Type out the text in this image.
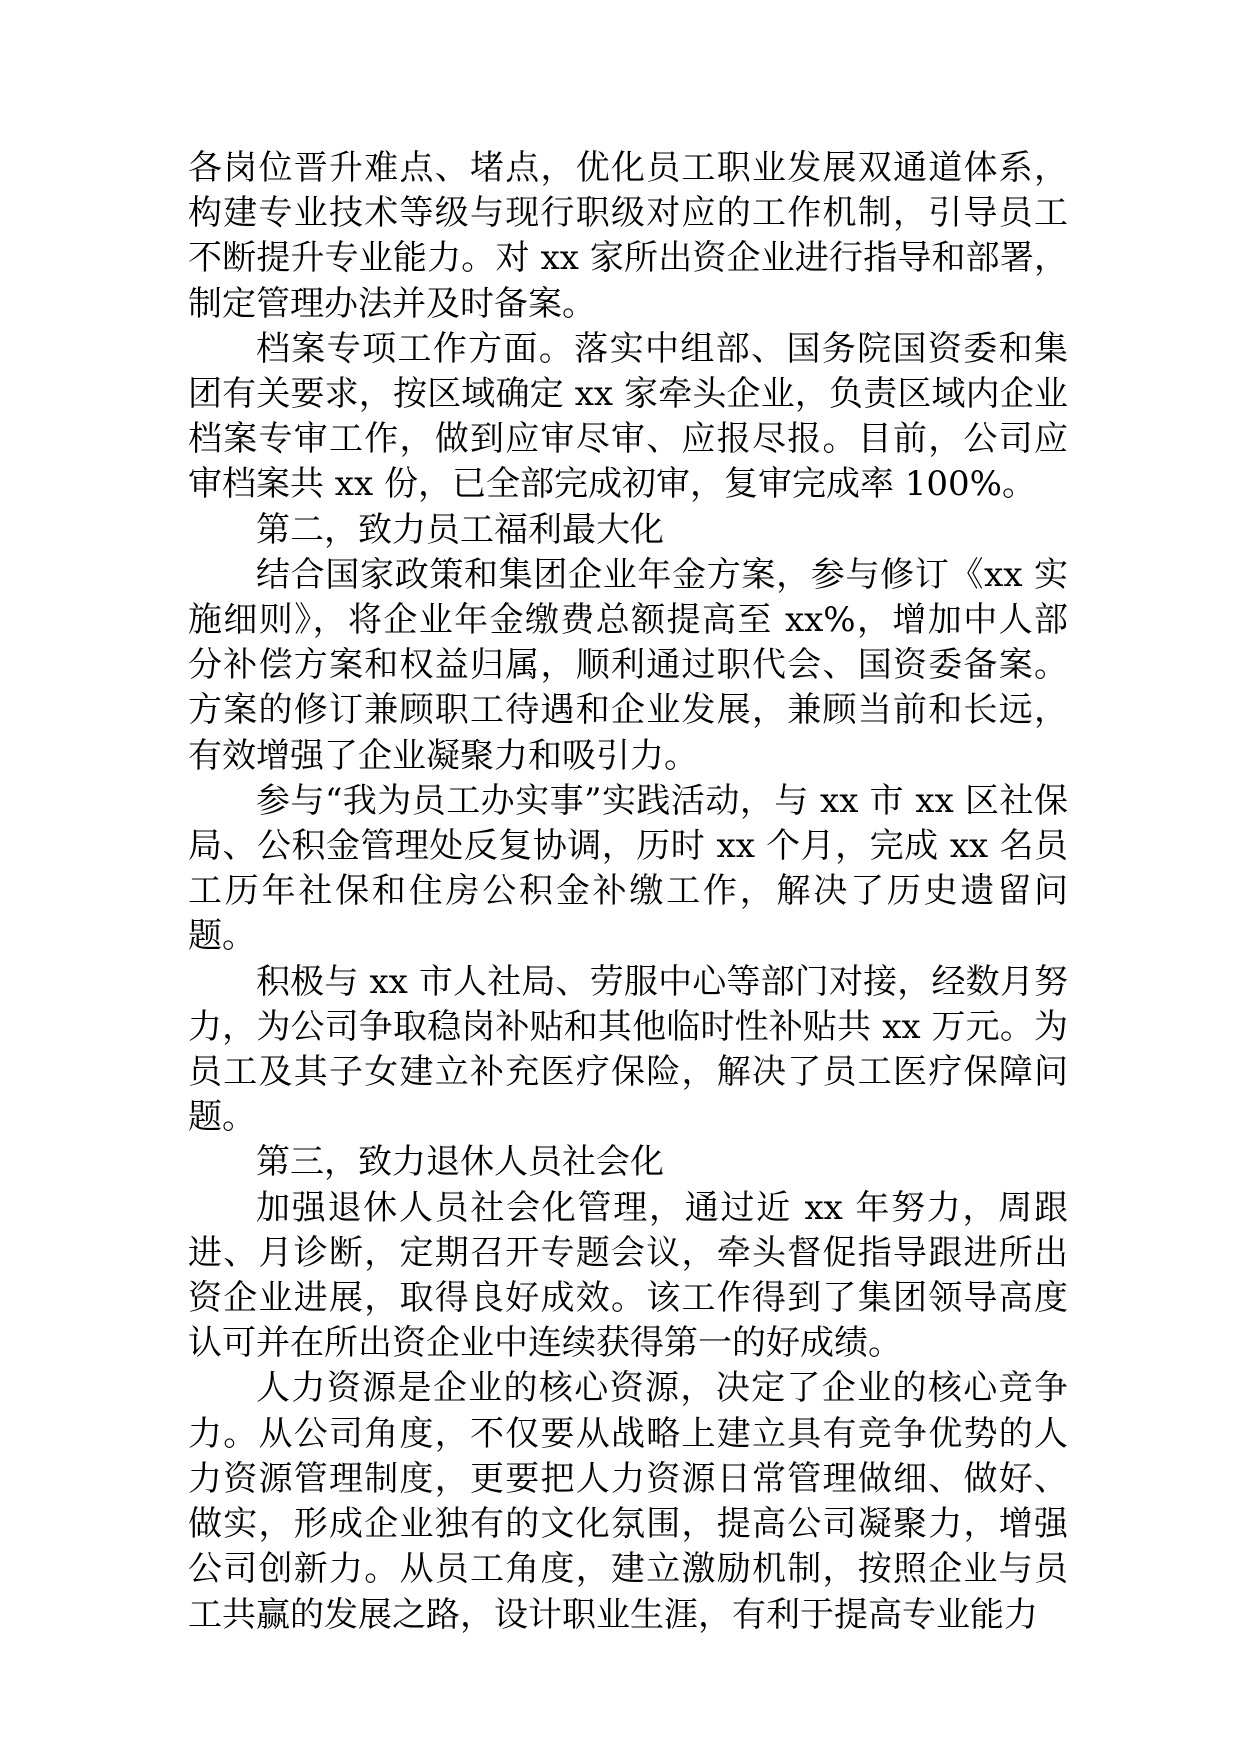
各岗位晋升难点、堵点，优化员工职业发展双通道体系，构建专业技术等级与现行职级对应的工作机制，引导员工不断提升专业能力。对 xx 家所出资企业进行指导和部署，制定管理办法并及时备案。

档案专项工作方面。落实中组部、国务院国资委和集团有关要求，按区域确定 xx 家牵头企业，负责区域内企业档案专审工作，做到应审尽审、应报尽报。目前，公司应审档案共 xx 份，已全部完成初审，复审完成率 100%。

第二，致力员工福利最大化

结合国家政策和集团企业年金方案，参与修订《xx 实施细则》，将企业年金缴费总额提高至 xx%，增加中人部分补偿方案和权益归属，顺利通过职代会、国资委备案。方案的修订兼顾职工待遇和企业发展，兼顾当前和长远，有效增强了企业凝聚力和吸引力。

参与“我为员工办实事”实践活动，与 xx 市 xx 区社保局、公积金管理处反复协调，历时 xx 个月，完成 xx 名员工历年社保和住房公积金补缴工作，解决了历史遗留问题。

积极与 xx 市人社局、劳服中心等部门对接，经数月努力，为公司争取稳岗补贴和其他临时性补贴共 xx 万元。为员工及其子女建立补充医疗保险，解决了员工医疗保障问题。

第三，致力退休人员社会化

加强退休人员社会化管理，通过近 xx 年努力，周跟进、月诊断，定期召开专题会议，牵头督促指导跟进所出资企业进展，取得良好成效。该工作得到了集团领导高度认可并在所出资企业中连续获得第一的好成绩。

人力资源是企业的核心资源，决定了企业的核心竞争力。从公司角度，不仅要从战略上建立具有竞争优势的人力资源管理制度，更要把人力资源日常管理做细、做好、做实，形成企业独有的文化氛围，提高公司凝聚力，增强公司创新力。从员工角度，建立激励机制，按照企业与员工共赢的发展之路，设计职业生涯，有利于提高专业能力
